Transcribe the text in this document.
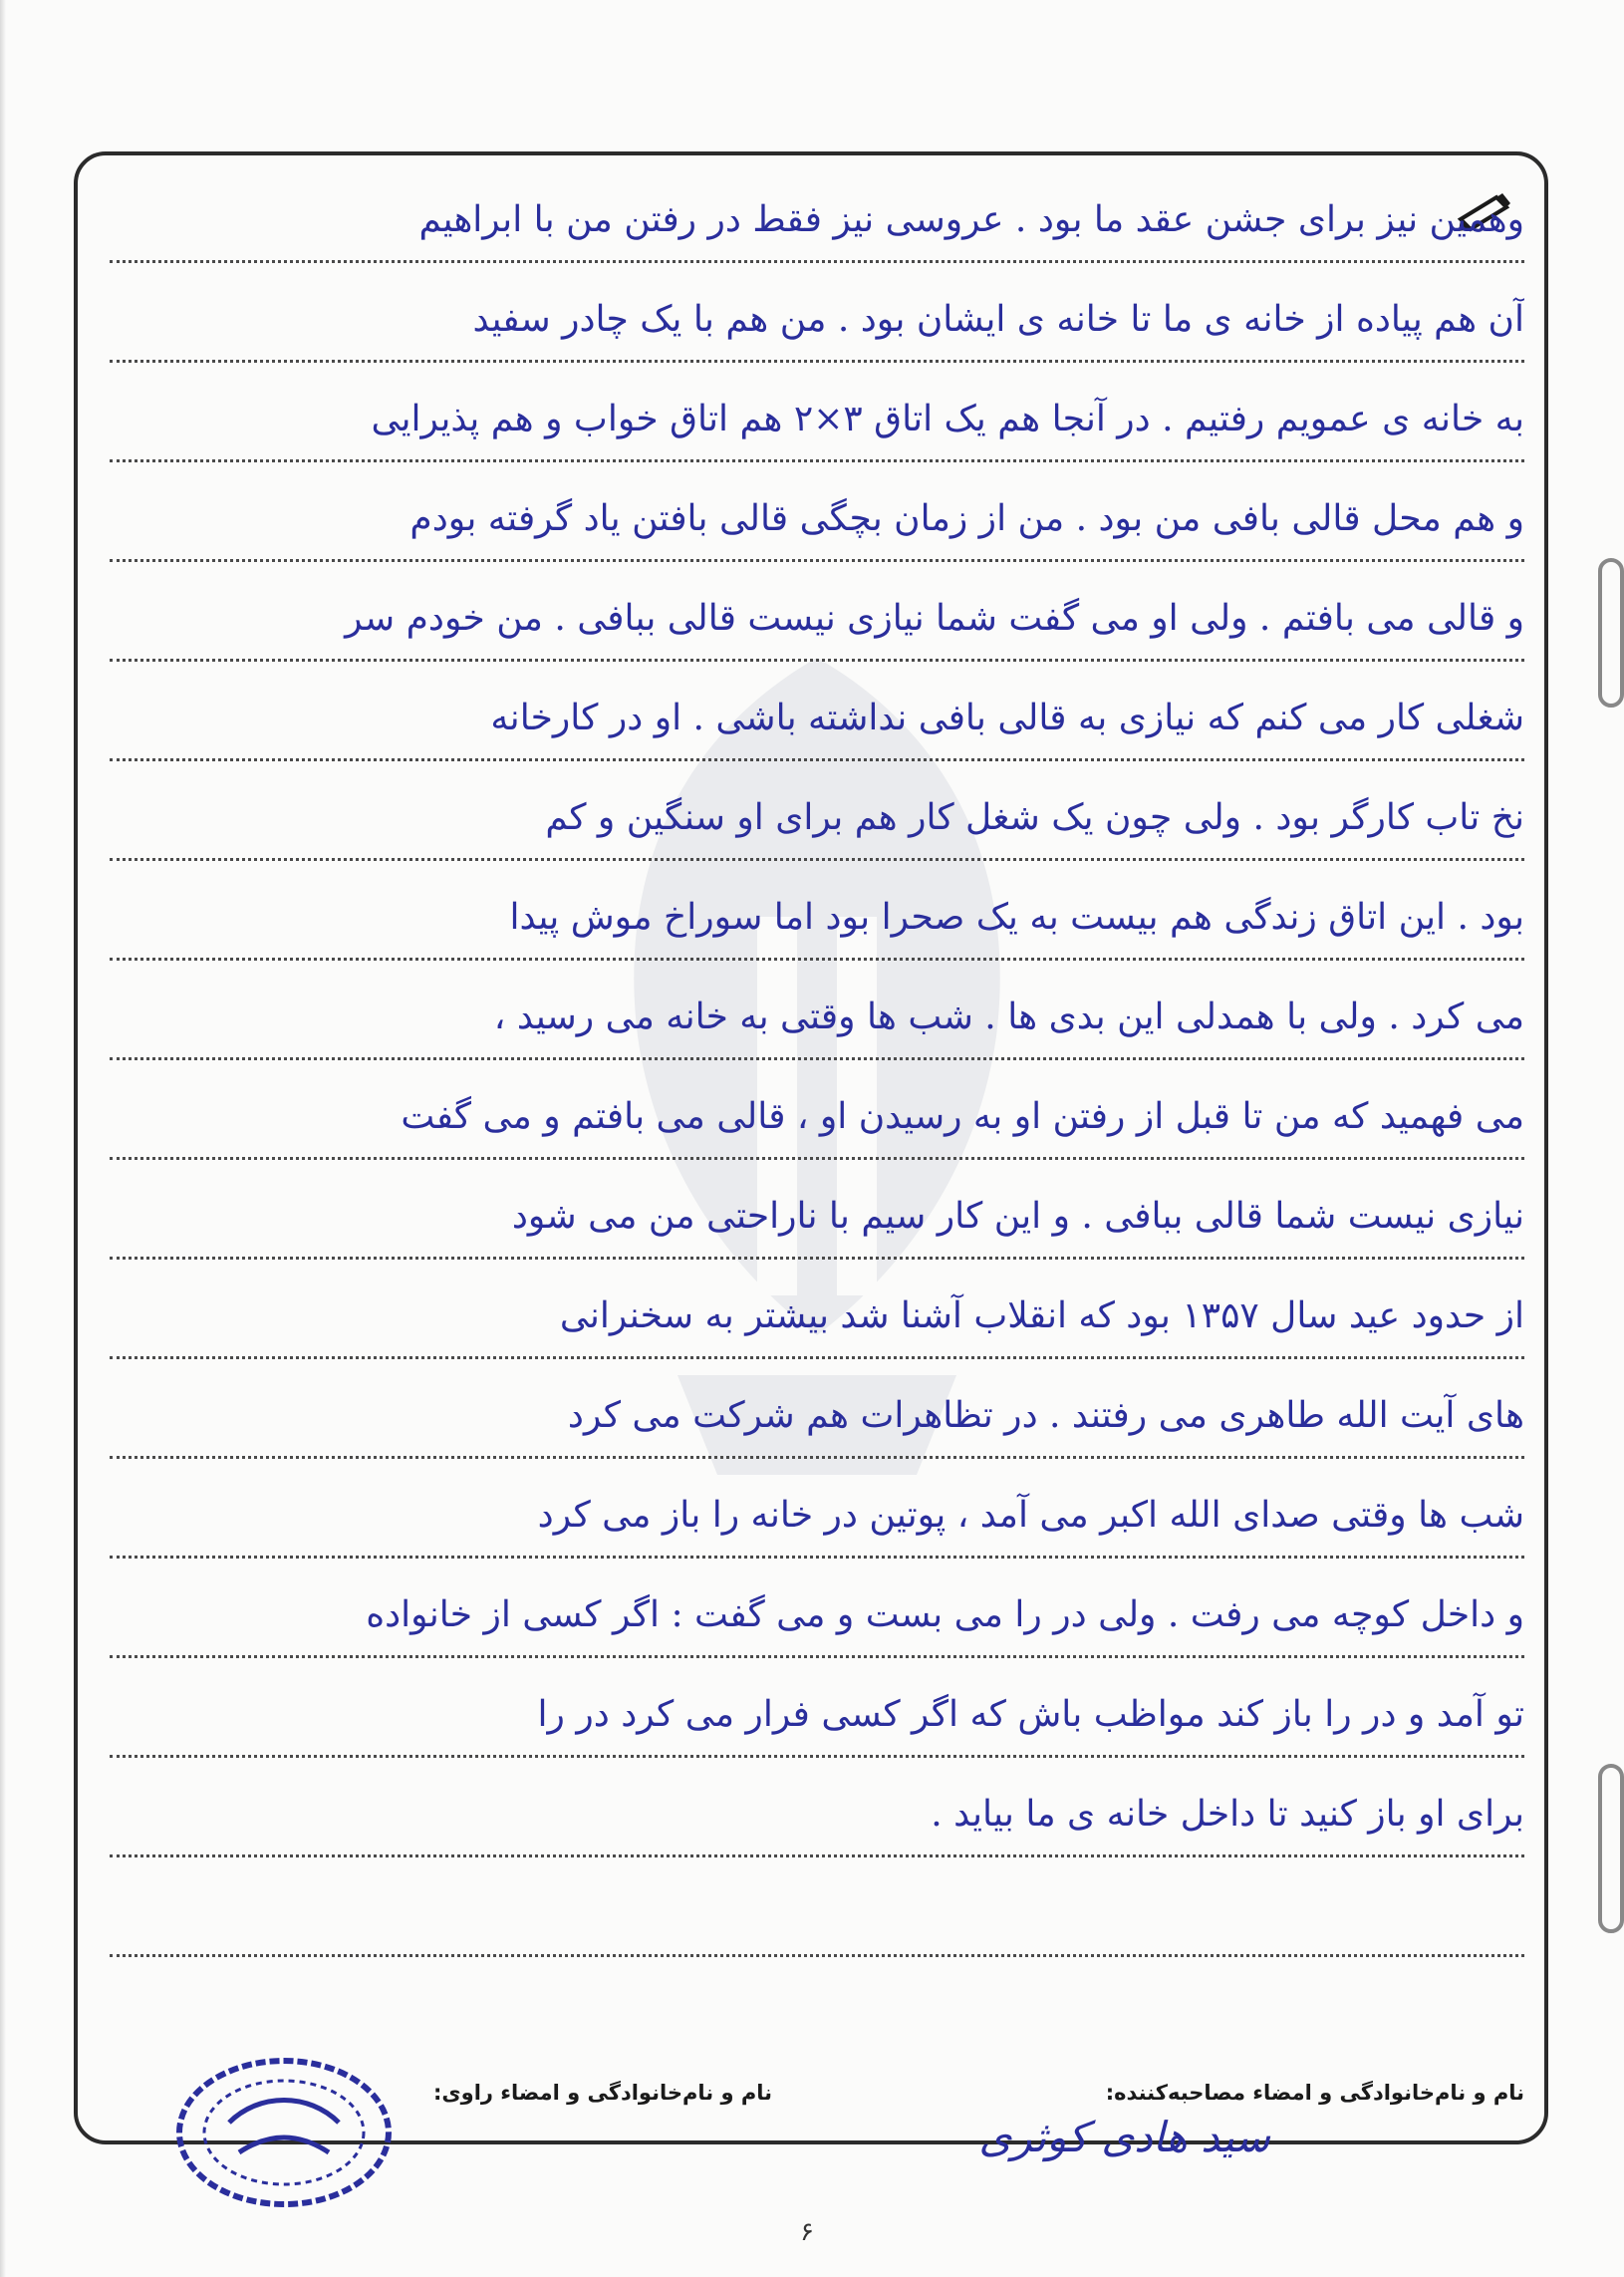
وهمین نیز برای جشن عقد ما بود . عروسی نیز فقط در رفتن من با ابراهیم
آن هم پیاده از خانه ی ما تا خانه ی ایشان بود . من هم با یک چادر سفید
به خانه ی عمویم رفتیم . در آنجا هم یک اتاق ۳×۲ هم اتاق خواب و هم پذیرایی
و هم محل قالی بافی من بود . من از زمان بچگی قالی بافتن یاد گرفته بودم
و قالی می بافتم . ولی او می گفت شما نیازی نیست قالی ببافی . من خودم سر
شغلی کار می کنم که نیازی به قالی بافی نداشته باشی . او در کارخانه
نخ تاب کارگر بود . ولی چون یک شغل کار هم برای او سنگین و کم
بود . این اتاق زندگی هم بیست به یک صحرا بود اما سوراخ موش پیدا
می کرد . ولی با همدلی این بدی ها . شب ها وقتی به خانه می رسید ،
می فهمید که من تا قبل از رفتن او به رسیدن او ، قالی می بافتم و می گفت
نیازی نیست شما قالی ببافی . و این کار سیم با ناراحتی من می شود
از حدود عید سال ۱۳۵۷ بود که انقلاب آشنا شد بیشتر به سخنرانی
های آیت الله طاهری می رفتند . در تظاهرات هم شرکت می کرد
شب ها وقتی صدای الله اکبر می آمد ، پوتین در خانه را باز می کرد
و داخل کوچه می رفت . ولی در را می بست و می گفت : اگر کسی از خانواده
تو آمد و در را باز کند مواظب باش که اگر کسی فرار می کرد در را
برای او باز کنید تا داخل خانه ی ما بیاید .
نام و نام‌خانوادگی و امضاء مصاحبه‌کننده:
نام و نام‌خانوادگی و امضاء راوی:
سید هادی کوثری
۶
